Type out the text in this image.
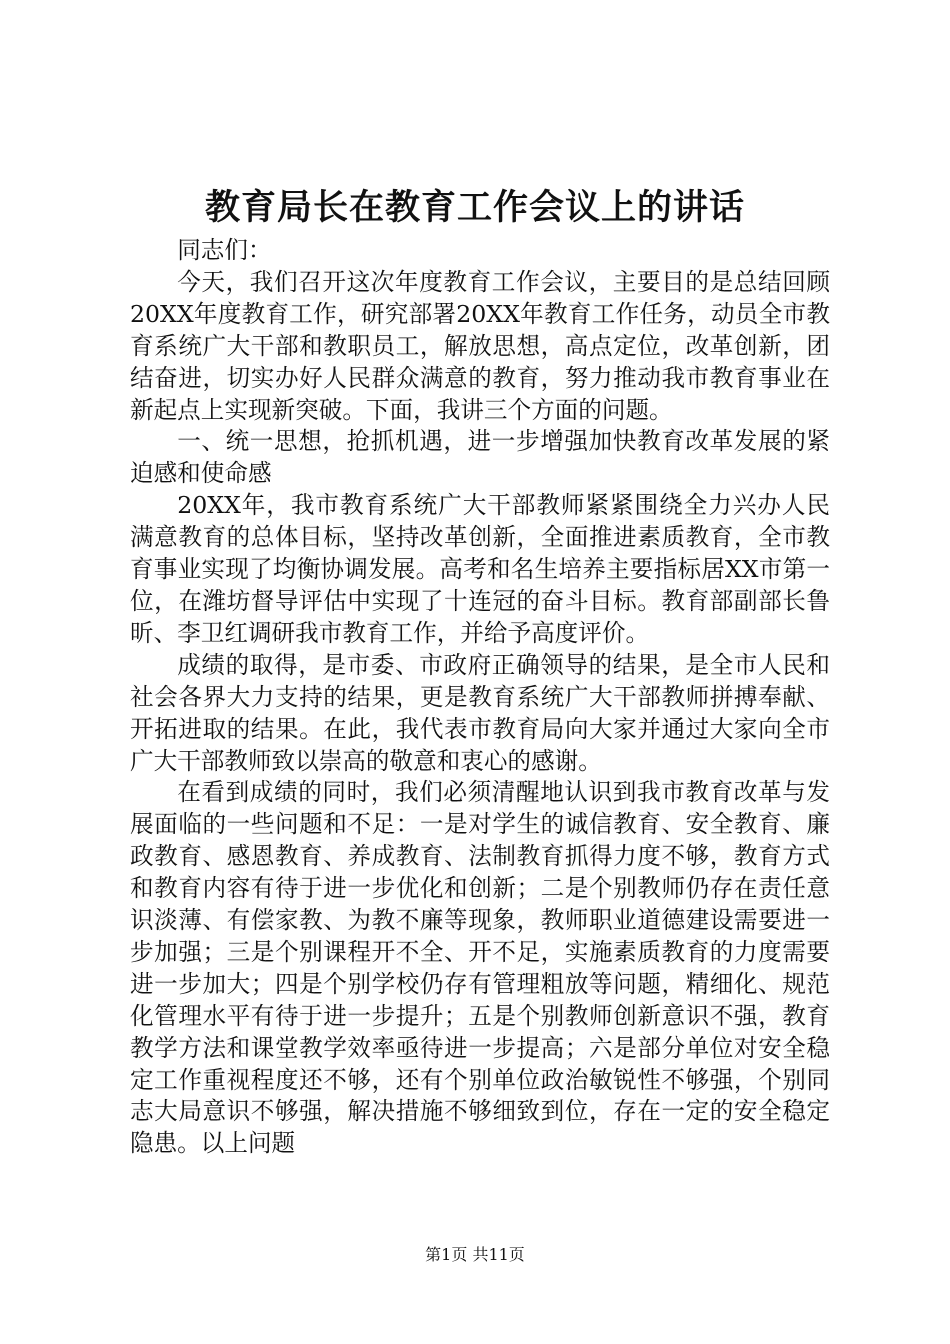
教育局长在教育工作会议上的讲话

同志们：

今天，我们召开这次年度教育工作会议，主要目的是总结回顾20XX年度教育工作，研究部署20XX年教育工作任务，动员全市教育系统广大干部和教职员工，解放思想，高点定位，改革创新，团结奋进，切实办好人民群众满意的教育，努力推动我市教育事业在新起点上实现新突破。下面，我讲三个方面的问题。

一、统一思想，抢抓机遇，进一步增强加快教育改革发展的紧迫感和使命感

20XX年，我市教育系统广大干部教师紧紧围绕全力兴办人民满意教育的总体目标，坚持改革创新，全面推进素质教育，全市教育事业实现了均衡协调发展。高考和名生培养主要指标居XX市第一位，在潍坊督导评估中实现了十连冠的奋斗目标。教育部副部长鲁昕、李卫红调研我市教育工作，并给予高度评价。

成绩的取得，是市委、市政府正确领导的结果，是全市人民和社会各界大力支持的结果，更是教育系统广大干部教师拼搏奉献、开拓进取的结果。在此，我代表市教育局向大家并通过大家向全市广大干部教师致以崇高的敬意和衷心的感谢。

在看到成绩的同时，我们必须清醒地认识到我市教育改革与发展面临的一些问题和不足：一是对学生的诚信教育、安全教育、廉政教育、感恩教育、养成教育、法制教育抓得力度不够，教育方式和教育内容有待于进一步优化和创新；二是个别教师仍存在责任意识淡薄、有偿家教、为教不廉等现象，教师职业道德建设需要进一步加强；三是个别课程开不全、开不足，实施素质教育的力度需要进一步加大；四是个别学校仍存有管理粗放等问题，精细化、规范化管理水平有待于进一步提升；五是个别教师创新意识不强，教育教学方法和课堂教学效率亟待进一步提高；六是部分单位对安全稳定工作重视程度还不够，还有个别单位政治敏锐性不够强，个别同志大局意识不够强，解决措施不够细致到位，存在一定的安全稳定隐患。以上问题

第1页 共11页
